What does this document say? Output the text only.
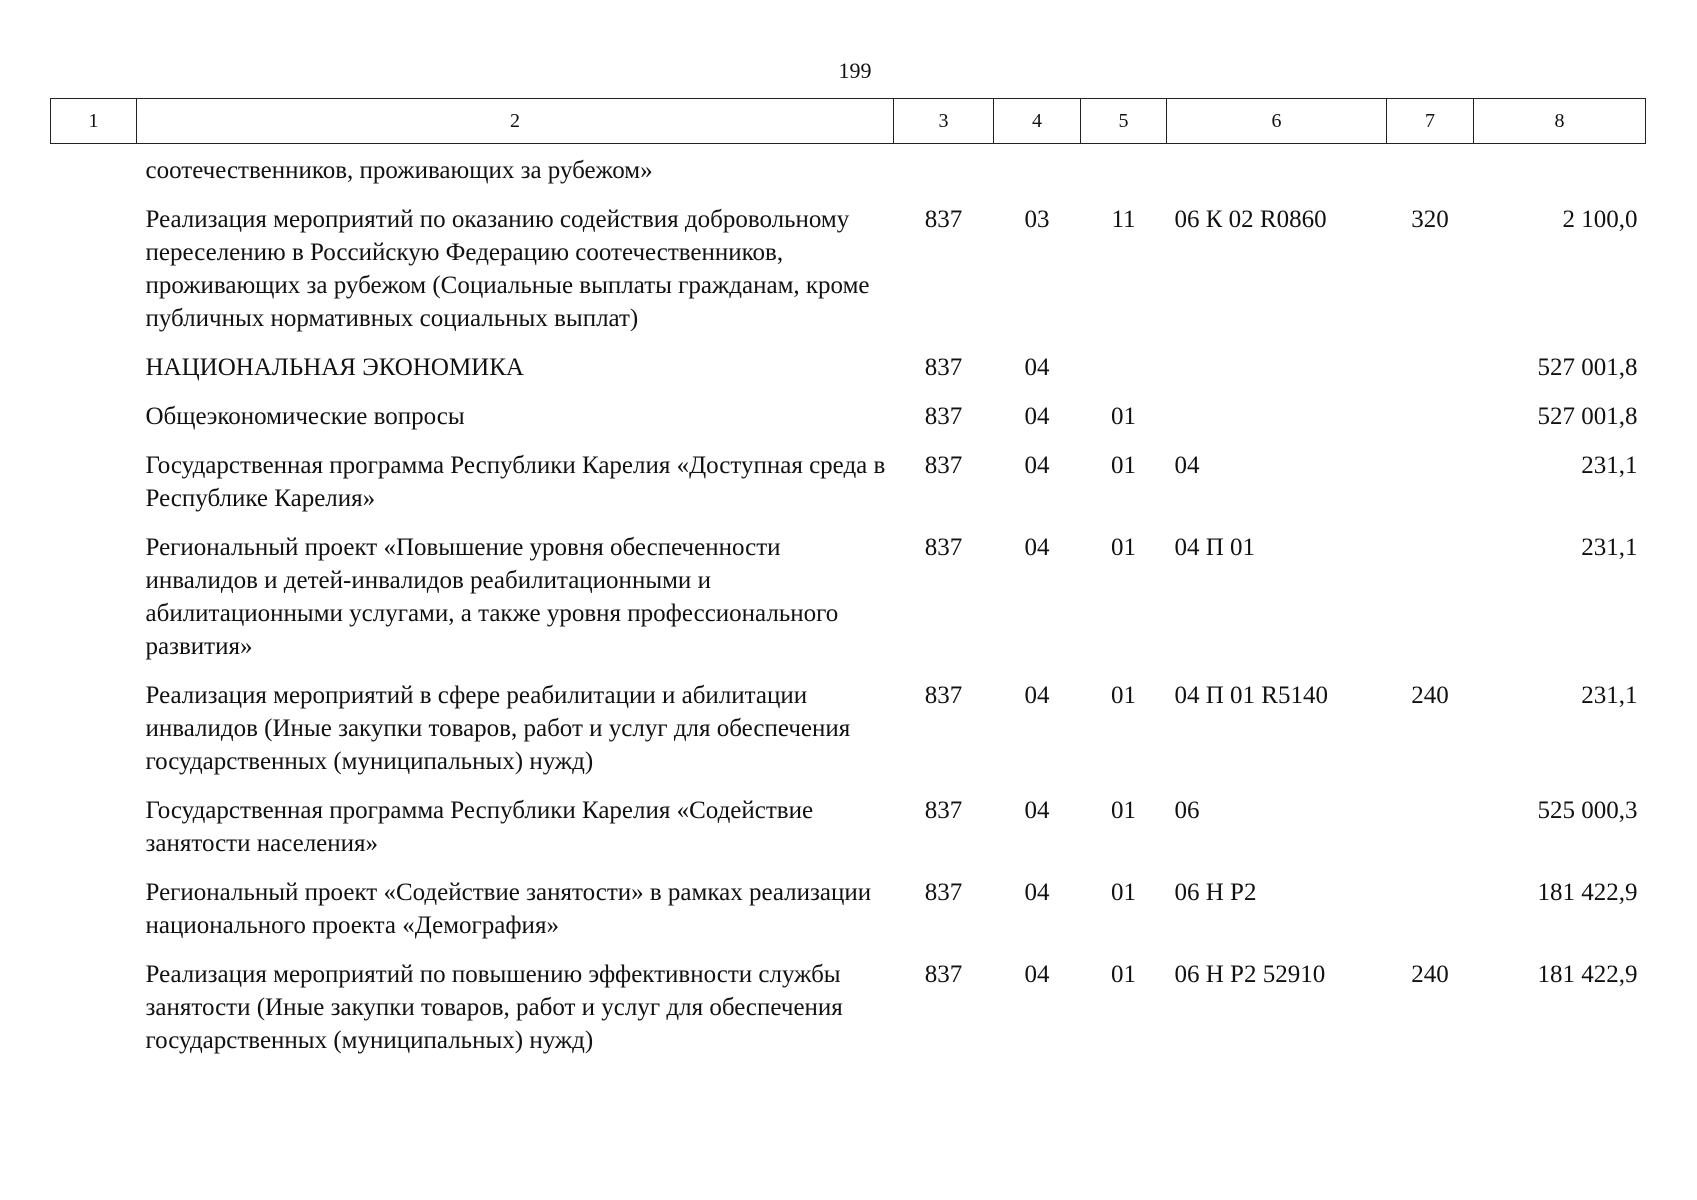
199
1	2	3	4	5	6	7	8
	соотечественников, проживающих за рубежом»						
	Реализация мероприятий по оказанию содействия добровольному переселению в Российскую Федерацию соотечественников, проживающих за рубежом (Социальные выплаты гражданам, кроме публичных нормативных социальных выплат)	837	03	11	06 К 02 R0860	320	2 100,0
	НАЦИОНАЛЬНАЯ ЭКОНОМИКА	837	04				527 001,8
	Общеэкономические вопросы	837	04	01			527 001,8
	Государственная программа Республики Карелия «Доступная среда в Республике Карелия»	837	04	01	04		231,1
	Региональный проект «Повышение уровня обеспеченности инвалидов и детей-инвалидов реабилитационными и абилитационными услугами, а также уровня профессионального развития»	837	04	01	04 П 01		231,1
	Реализация мероприятий в сфере реабилитации и абилитации инвалидов (Иные закупки товаров, работ и услуг для обеспечения государственных (муниципальных) нужд)	837	04	01	04 П 01 R5140	240	231,1
	Государственная программа Республики Карелия «Содействие занятости населения»	837	04	01	06		525 000,3
	Региональный проект «Содействие занятости» в рамках реализации национального проекта «Демография»	837	04	01	06 Н Р2		181 422,9
	Реализация мероприятий по повышению эффективности службы занятости (Иные закупки товаров, работ и услуг для обеспечения государственных (муниципальных) нужд)	837	04	01	06 Н Р2 52910	240	181 422,9
